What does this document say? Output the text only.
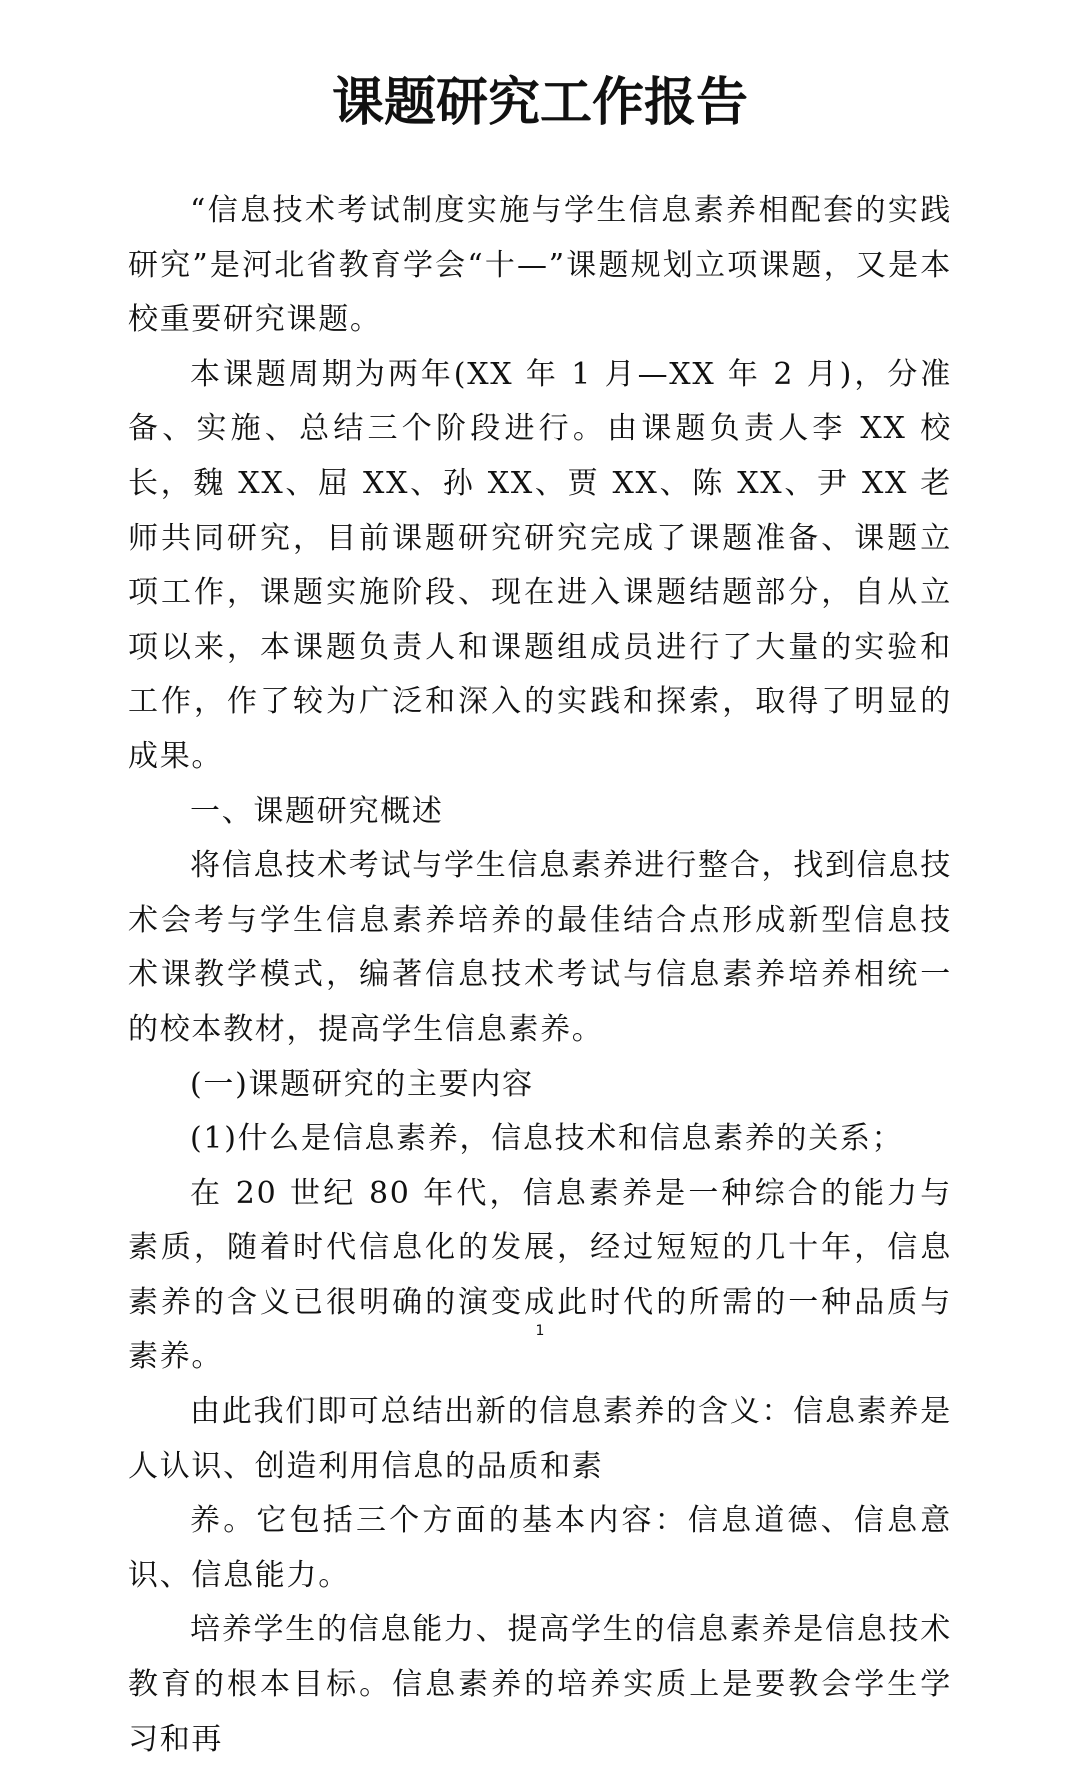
课题研究工作报告

“信息技术考试制度实施与学生信息素养相配套的实践研究”是河北省教育学会“十—”课题规划立项课题，又是本校重要研究课题。

本课题周期为两年(XX 年 1 月—XX 年 2 月)，分准备、实施、总结三个阶段进行。由课题负责人李 XX 校长，魏 XX、屈 XX、孙 XX、贾 XX、陈 XX、尹 XX 老师共同研究，目前课题研究研究完成了课题准备、课题立项工作，课题实施阶段、现在进入课题结题部分，自从立项以来，本课题负责人和课题组成员进行了大量的实验和工作，作了较为广泛和深入的实践和探索，取得了明显的成果。

一、课题研究概述

将信息技术考试与学生信息素养进行整合，找到信息技术会考与学生信息素养培养的最佳结合点形成新型信息技术课教学模式，编著信息技术考试与信息素养培养相统一的校本教材，提高学生信息素养。

(一)课题研究的主要内容

(1)什么是信息素养，信息技术和信息素养的关系；

在 20 世纪 80 年代，信息素养是一种综合的能力与素质，随着时代信息化的发展，经过短短的几十年，信息素养的含义已很明确的演变成此时代的所需的一种品质与素养。

由此我们即可总结出新的信息素养的含义：信息素养是人认识、创造利用信息的品质和素

养。它包括三个方面的基本内容：信息道德、信息意识、信息能力。

培养学生的信息能力、提高学生的信息素养是信息技术教育的根本目标。信息素养的培养实质上是要教会学生学习和再

1
